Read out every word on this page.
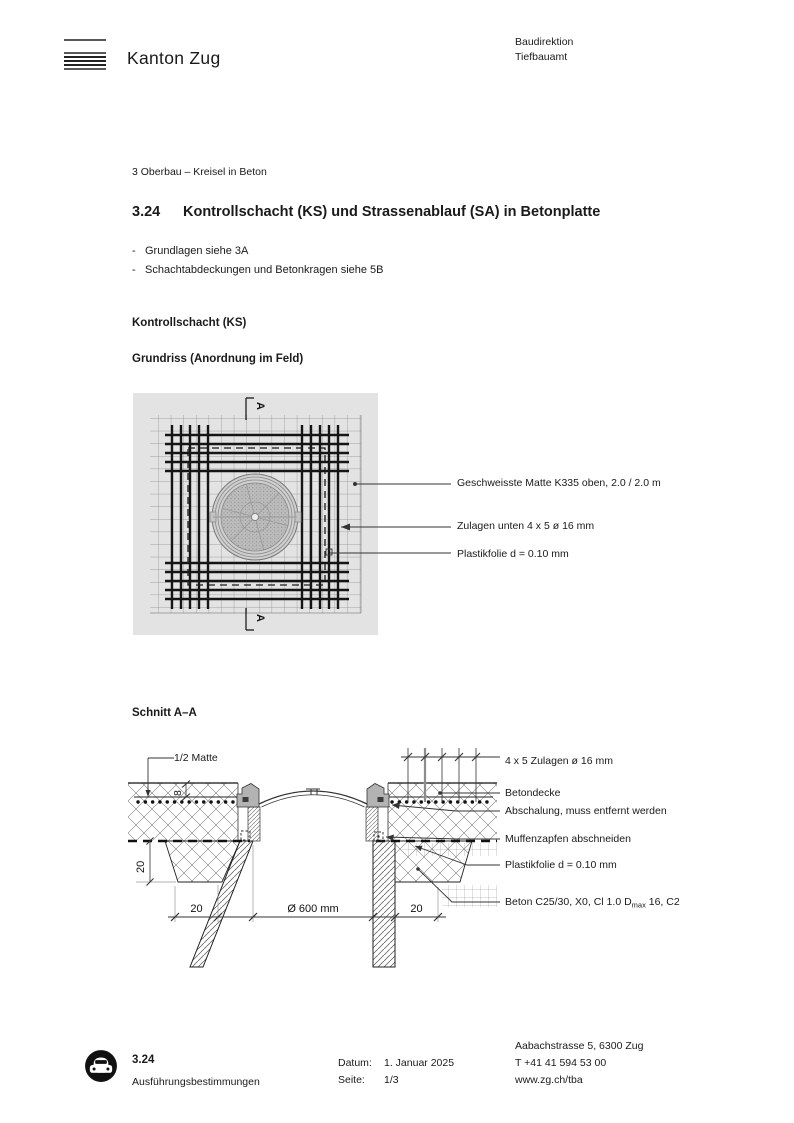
Kanton Zug
Baudirektion
Tiefbauamt
3 Oberbau – Kreisel in Beton
3.24 Kontrollschacht (KS) und Strassenablauf (SA) in Betonplatte
- Grundlagen siehe 3A
- Schachtabdeckungen und Betonkragen siehe 5B
Kontrollschacht (KS)
Grundriss (Anordnung im Feld)
A
A
Geschweisste Matte K335 oben, 2.0 / 2.0 m
Zulagen unten 4 x 5 ø 16 mm
Plastikfolie d = 0.10 mm
Schnitt A–A
8
20
20	Ø 600 mm	20
1/2 Matte	4 x 5 Zulagen ø 16 mm
Betondecke
Abschalung, muss entfernt werden
Muffenzapfen abschneiden
Plastikfolie d = 0.10 mm
Beton C25/30, X0, Cl 1.0 $D_{max}$ 16, C2
3.24
Ausführungsbestimmungen
Datum: 1. Januar 2025
Seite: 1/3
Aabachstrasse 5, 6300 Zug
T +41 41 594 53 00
www.zg.ch/tba
